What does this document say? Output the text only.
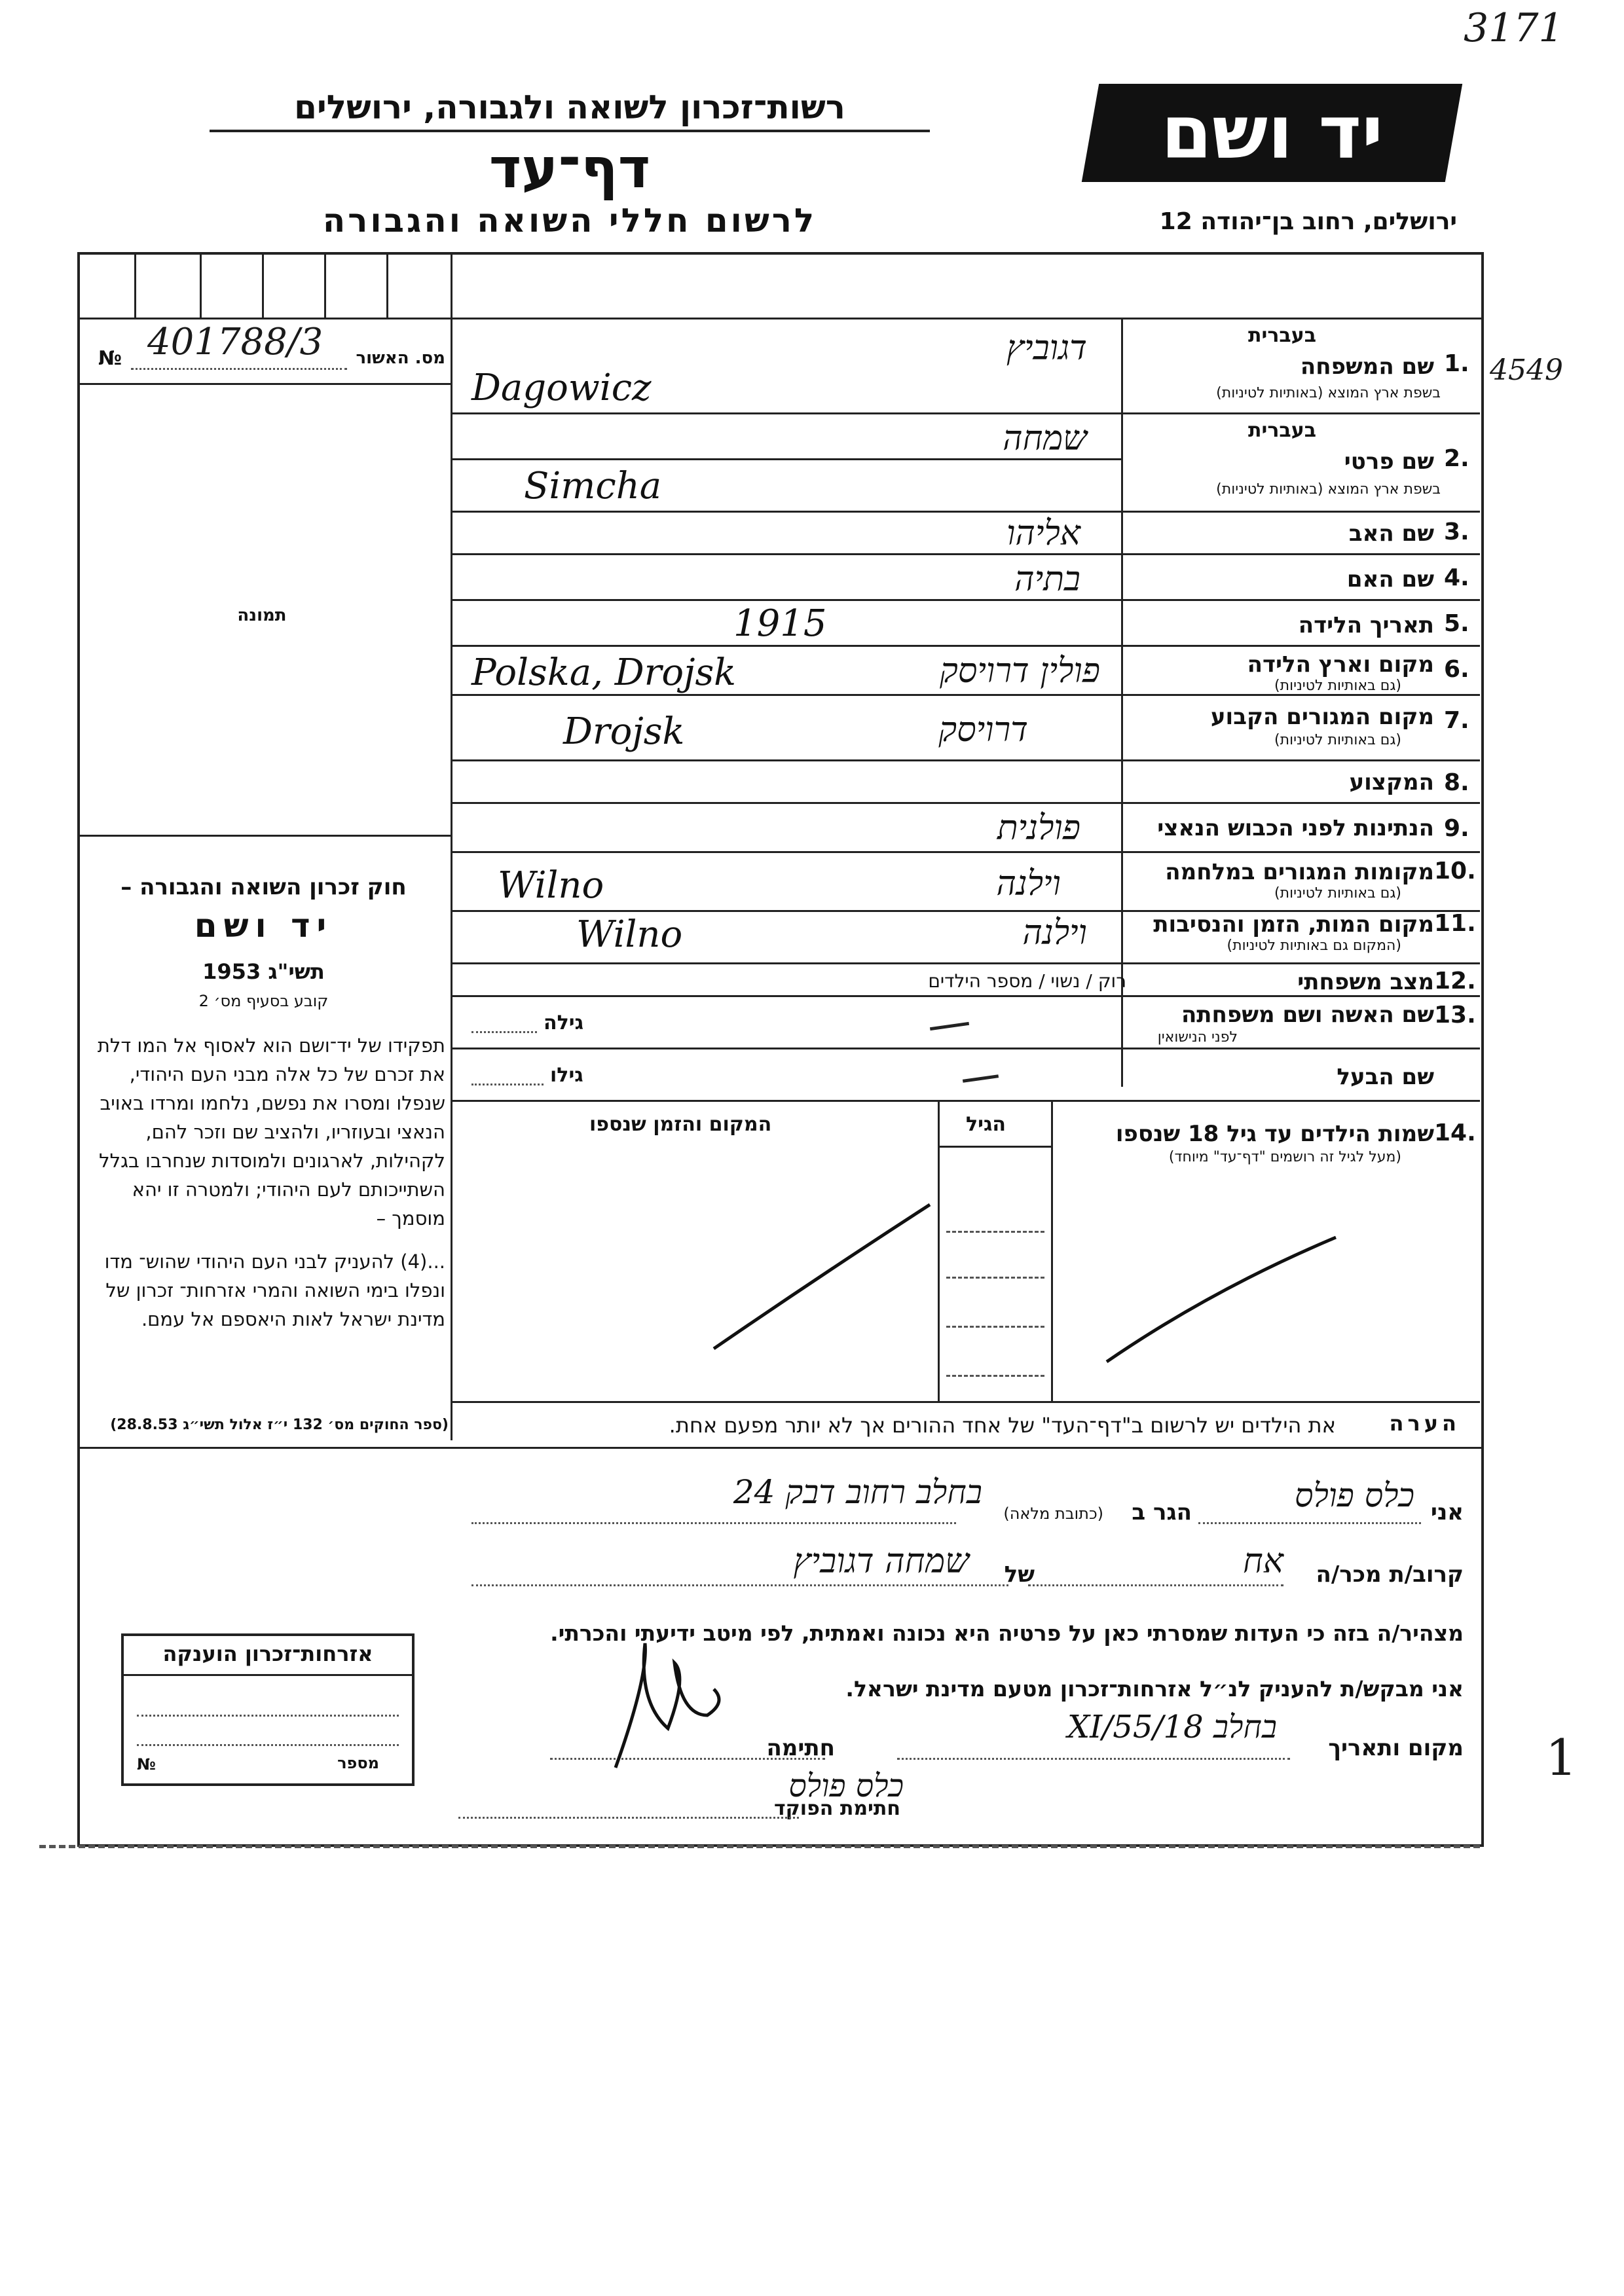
3171
4549
1
יד ושם
רשות־זכרון לשואה ולגבורה, ירושלים
דף־עד
לרשום חללי השואה והגבורה	ירושלים, רחוב בן־יהודה 12
№ 401788/3	מס. האשור
תמונה
1.
שם המשפחה
בעברית
בשפת ארץ המוצא (באותיות לטיניות)
2.
שם פרטי
בעברית
בשפת ארץ המוצא (באותיות לטיניות)
3.
שם האב
4.
שם האם
5.
תאריך הלידה
6.
מקום וארץ הלידה
(גם באותיות לטיניות)
7.
מקום המגורים הקבוע
(גם באותיות לטיניות)
8.
המקצוע
9.
הנתינות לפני הכבוש הנאצי
10.
מקומות המגורים במלחמה
(גם באותיות לטיניות)
11.
מקום המות, הזמן והנסיבות
(המקום גם באותיות לטיניות)
12.
מצב משפחתי
רוק / נשוי / מספר הילדים
13.
שם האשה ושם משפחתה
לפני הנישואין
גילה
שם הבעל
גילו
דגוביץ
Dagowicz
שמחה
Simcha
אליהו
בתיה
1915
פולין דרויסק
Polska, Drojsk
דרויסק
Drojsk
פולנית
וילנה
Wilno
וילנה
Wilno
14.
שמות הילדים עד גיל 18 שנספו
(מעל לגיל זה רושמים "דף־עד" מיוחד)
הגיל
המקום והזמן שנספו
הערה
את הילדים יש לרשום ב"דף־העד" של אחד ההורים אך לא יותר מפעם אחת.
חוק זכרון השואה והגבורה –
יד ושם
תשי"ג 1953
קובע בסעיף מס׳ 2
תפקידו של יד־ושם הוא לאסוף אל המו דלת את זכרם של כל אלה מבני העם היהודי, שנפלו ומסרו את נפשם, נלחמו ומרדו באויב הנאצי ובעוזריו, ולהציב שם וזכר להם, לקהילות, לארגונים ולמוסדות שנחרבו בגלל השתייכותם לעם היהודי; ולמטרה זו יהא מוסמך –
...(4) להעניק לבני העם היהודי שהוש־ מדו ונפלו בימי השואה והמרי אזרחות־ זכרון של מדינת ישראל לאות היאספם אל עמם.
(ספר החוקים מס׳ 132 י״ז אלול תשי״ג 28.8.53)
אני
כלס פולס
הגר ב
(כתובת מלאה)
בחלב רחוב דבק 24
קרוב/ת מכר/ה
אח
של
שמחה דגוביץ
מצהיר/ה בזה כי העדות שמסרתי כאן על פרטיה היא נכונה ואמתית, לפי מיטב ידיעתי והכרתי.
אני מבקש/ת להעניק לנ״ל אזרחות־זכרון מטעם מדינת ישראל.
מקום ותאריך
בחלב 18/XI/55
חתימה
חתימת הפוקד
כלס פולס
אזרחות־זכרון הוענקה
מספר
№
